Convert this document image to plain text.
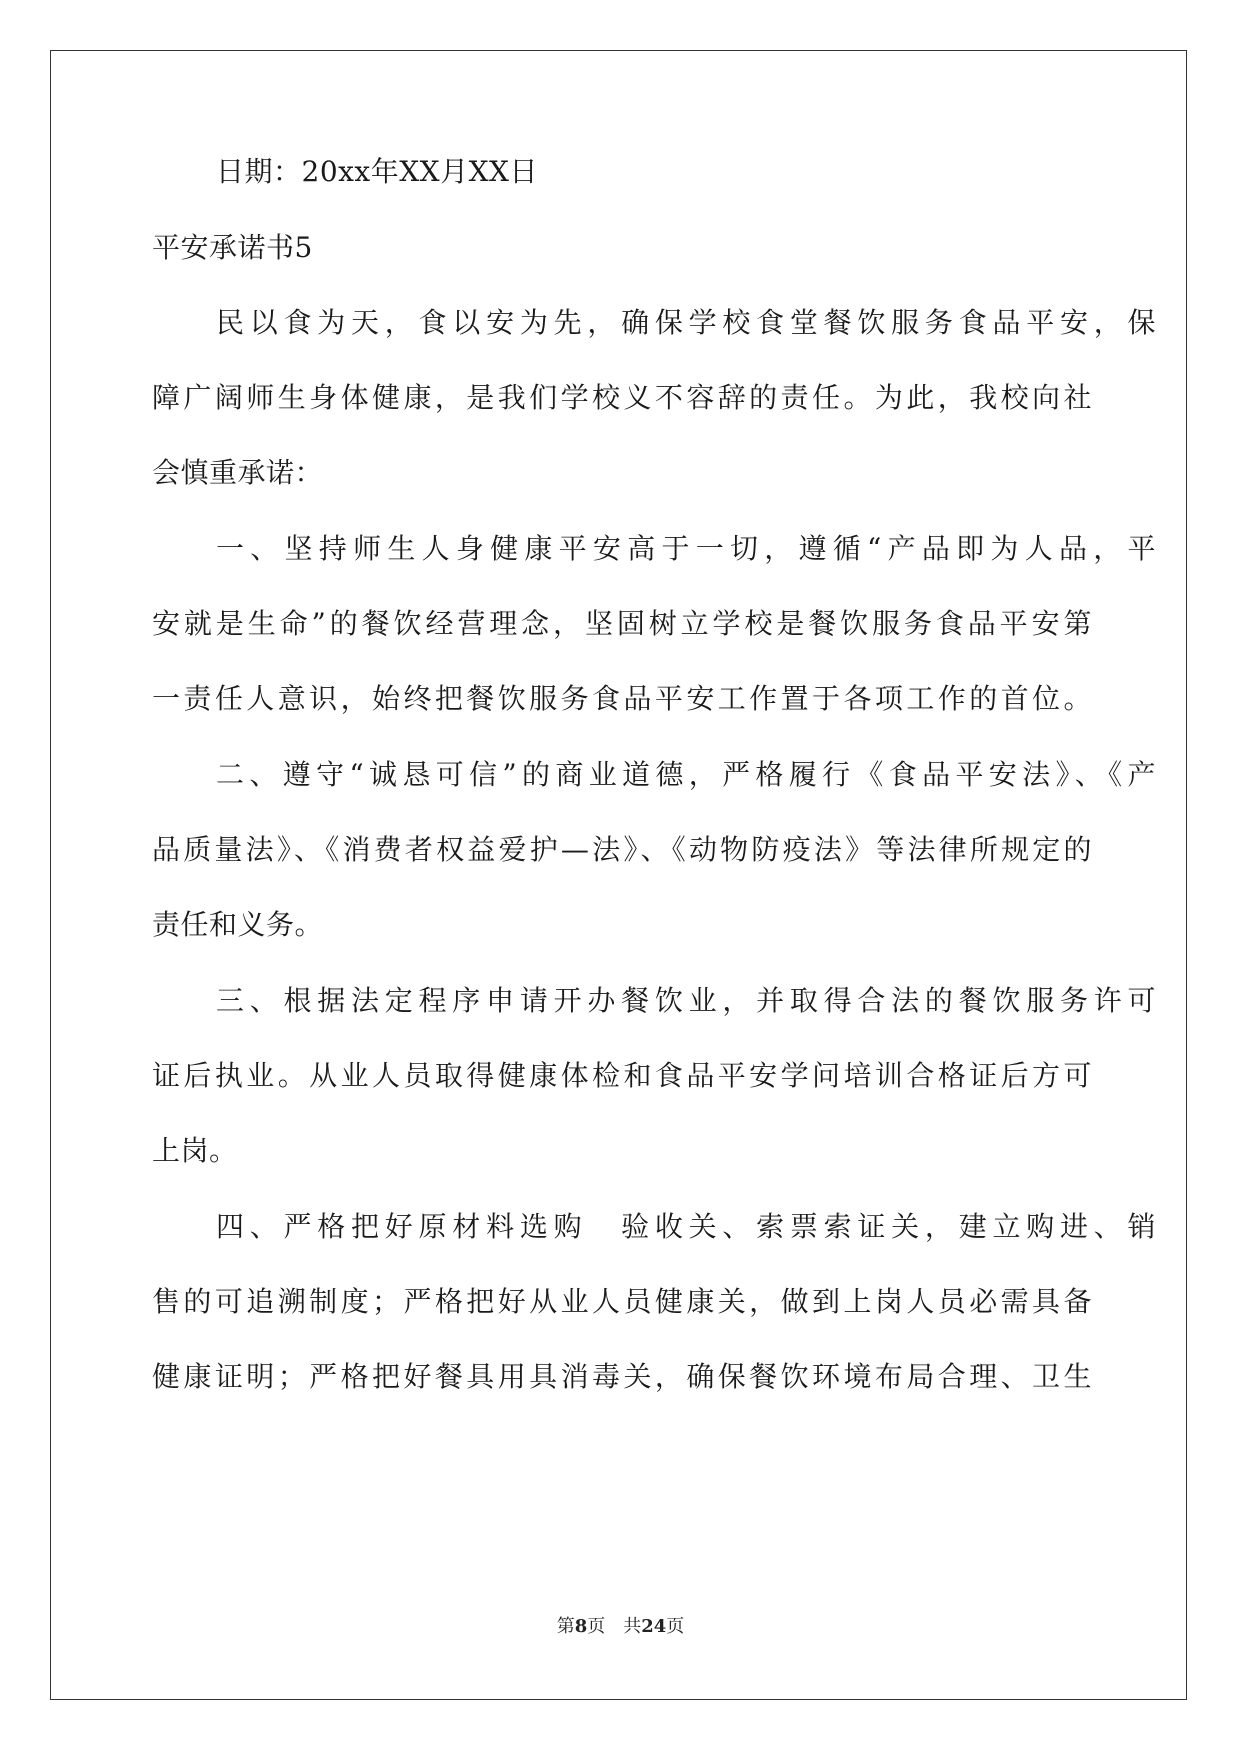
日期：20xx年XX月XX日
平安承诺书5
民以食为天，食以安为先，确保学校食堂餐饮服务食品平安，保
障广阔师生身体健康，是我们学校义不容辞的责任。为此，我校向社
会慎重承诺：
一、坚持师生人身健康平安高于一切，遵循“产品即为人品，平
安就是生命”的餐饮经营理念，坚固树立学校是餐饮服务食品平安第
一责任人意识，始终把餐饮服务食品平安工作置于各项工作的首位。
二、遵守“诚恳可信”的商业道德，严格履行《食品平安法》、《产
品质量法》、《消费者权益爱护—法》、《动物防疫法》等法律所规定的
责任和义务。
三、根据法定程序申请开办餐饮业，并取得合法的餐饮服务许可
证后执业。从业人员取得健康体检和食品平安学问培训合格证后方可
上岗。
四、严格把好原材料选购　验收关、索票索证关，建立购进、销
售的可追溯制度；严格把好从业人员健康关，做到上岗人员必需具备
健康证明；严格把好餐具用具消毒关，确保餐饮环境布局合理、卫生
第8页　共24页
